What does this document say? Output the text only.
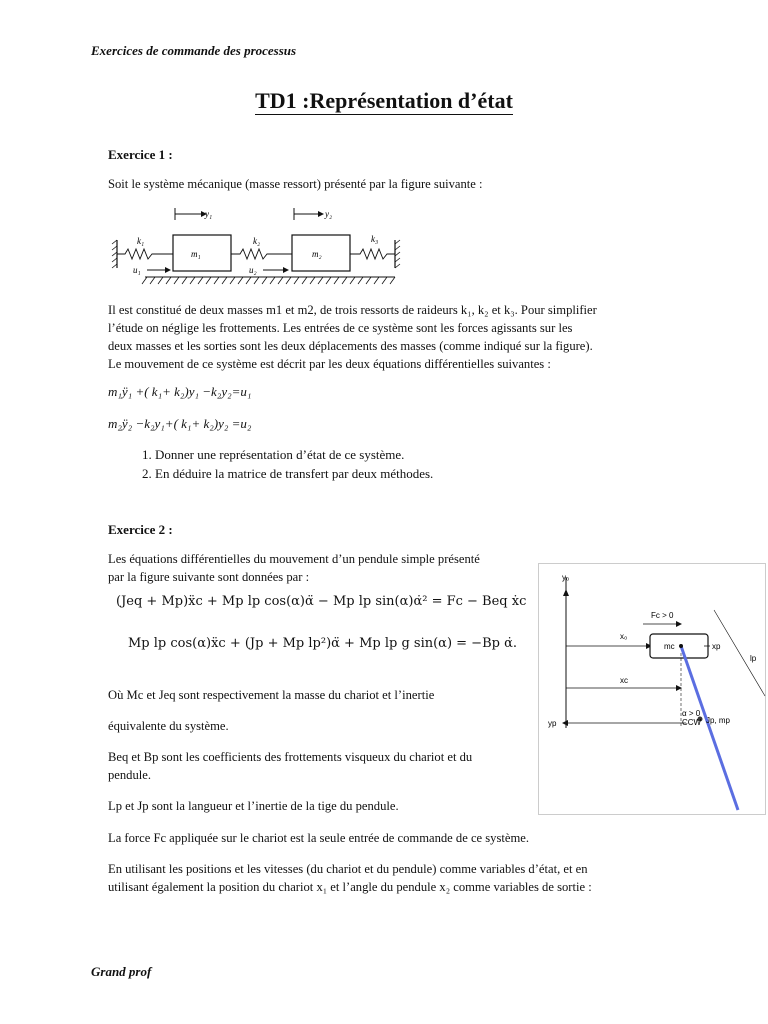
Exercices de commande des processus
TD1 :Représentation d’état
Exercice 1 :
Soit le système mécanique (masse ressort) présenté par la figure suivante :
y₁	y₂
k₁
m₁
k₂
m₂
k₃
u₁	u₂
Il est constitué de deux masses m1 et m2, de trois ressorts de raideurs k₁, k₂ et k₃. Pour simplifier
l’étude on néglige les frottements. Les entrées de ce système sont les forces agissants sur les
deux masses et les sorties sont les deux déplacements des masses (comme indiqué sur la figure).
Le mouvement de ce système est décrit par les deux équations différentielles suivantes :
m₁ÿ₁ +( k₁+ k₂)y₁ −k₂y₂=u₁
m₂ÿ₂ −k₂y₁+( k₁+ k₂)y₂ =u₂
1. Donner une représentation d’état de ce système.
2. En déduire la matrice de transfert par deux méthodes.
Exercice 2 :
Les équations différentielles du mouvement d’un pendule simple présenté
par la figure suivante sont données par :
(Jeq + Mp)ẍc + Mp lp cos(α)α̈ − Mp lp sin(α)α̇² = Fc − Beq ẋc
Mp lp cos(α)ẍc + (Jp + Mp lp²)α̈ + Mp lp g sin(α) = −Bp α̇.
Où Mc et Jeq sont respectivement la masse du chariot et l’inertie
équivalente du système.
Beq et Bp sont les coefficients des frottements visqueux du chariot et du
pendule.
Lp et Jp sont la langueur et l’inertie de la tige du pendule.
La force Fc appliquée sur le chariot est la seule entrée de commande de ce système.
En utilisant les positions et les vitesses (du chariot et du pendule) comme variables d’état, et en
utilisant également la position du chariot x₁ et l’angle du pendule x₂ comme variables de sortie :
y₀
x₀
Fc > 0
mc	xp
xc
yp
α > 0
CCW Jp, mp
lp
Grand prof
